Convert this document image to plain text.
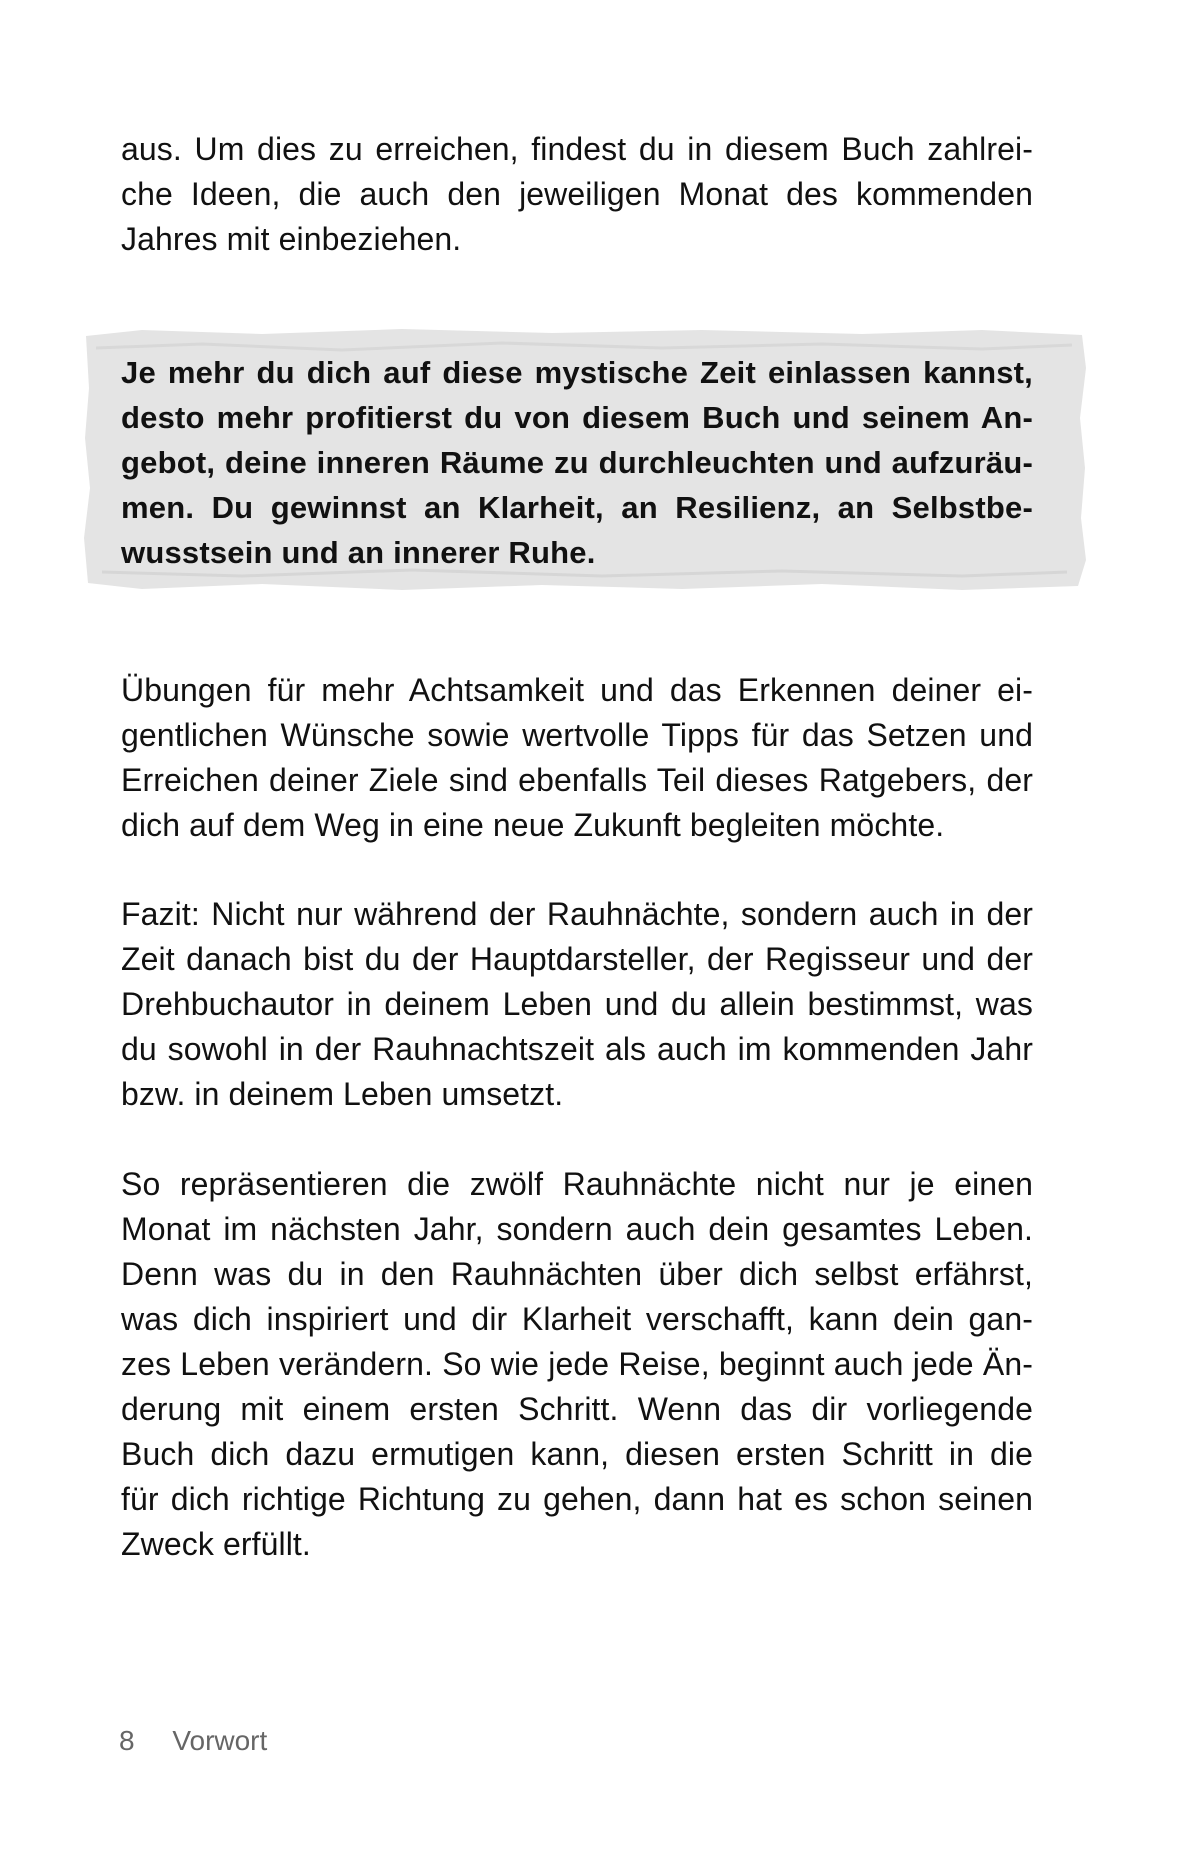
aus. Um dies zu erreichen, findest du in diesem Buch zahlrei-
che Ideen, die auch den jeweiligen Monat des kommenden
Jahres mit einbeziehen.
Je mehr du dich auf diese mystische Zeit einlassen kannst,
desto mehr profitierst du von diesem Buch und seinem An-
gebot, deine inneren Räume zu durchleuchten und aufzuräu-
men. Du gewinnst an Klarheit, an Resilienz, an Selbstbe-
wusstsein und an innerer Ruhe.
Übungen für mehr Achtsamkeit und das Erkennen deiner ei-
gentlichen Wünsche sowie wertvolle Tipps für das Setzen und
Erreichen deiner Ziele sind ebenfalls Teil dieses Ratgebers, der
dich auf dem Weg in eine neue Zukunft begleiten möchte.
Fazit: Nicht nur während der Rauhnächte, sondern auch in der
Zeit danach bist du der Hauptdarsteller, der Regisseur und der
Drehbuchautor in deinem Leben und du allein bestimmst, was
du sowohl in der Rauhnachtszeit als auch im kommenden Jahr
bzw. in deinem Leben umsetzt.
So repräsentieren die zwölf Rauhnächte nicht nur je einen
Monat im nächsten Jahr, sondern auch dein gesamtes Leben.
Denn was du in den Rauhnächten über dich selbst erfährst,
was dich inspiriert und dir Klarheit verschafft, kann dein gan-
zes Leben verändern. So wie jede Reise, beginnt auch jede Än-
derung mit einem ersten Schritt. Wenn das dir vorliegende
Buch dich dazu ermutigen kann, diesen ersten Schritt in die
für dich richtige Richtung zu gehen, dann hat es schon seinen
Zweck erfüllt.
8 Vorwort
